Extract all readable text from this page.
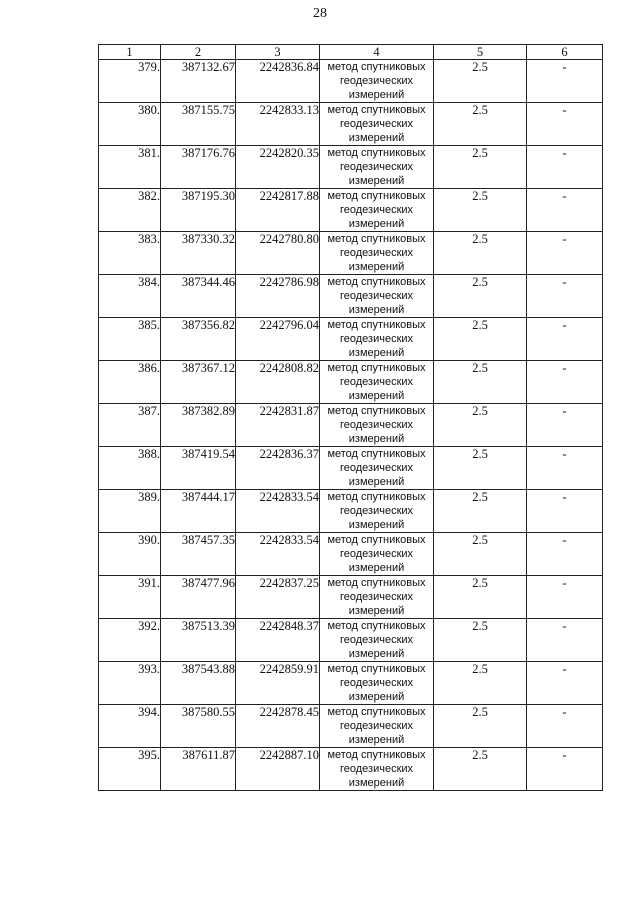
28
1	2	3	4	5	6
379.	387132.67	2242836.84	метод спутниковых геодезических измерений	2.5	-
380.	387155.75	2242833.13	метод спутниковых геодезических измерений	2.5	-
381.	387176.76	2242820.35	метод спутниковых геодезических измерений	2.5	-
382.	387195.30	2242817.88	метод спутниковых геодезических измерений	2.5	-
383.	387330.32	2242780.80	метод спутниковых геодезических измерений	2.5	-
384.	387344.46	2242786.98	метод спутниковых геодезических измерений	2.5	-
385.	387356.82	2242796.04	метод спутниковых геодезических измерений	2.5	-
386.	387367.12	2242808.82	метод спутниковых геодезических измерений	2.5	-
387.	387382.89	2242831.87	метод спутниковых геодезических измерений	2.5	-
388.	387419.54	2242836.37	метод спутниковых геодезических измерений	2.5	-
389.	387444.17	2242833.54	метод спутниковых геодезических измерений	2.5	-
390.	387457.35	2242833.54	метод спутниковых геодезических измерений	2.5	-
391.	387477.96	2242837.25	метод спутниковых геодезических измерений	2.5	-
392.	387513.39	2242848.37	метод спутниковых геодезических измерений	2.5	-
393.	387543.88	2242859.91	метод спутниковых геодезических измерений	2.5	-
394.	387580.55	2242878.45	метод спутниковых геодезических измерений	2.5	-
395.	387611.87	2242887.10	метод спутниковых геодезических измерений	2.5	-
